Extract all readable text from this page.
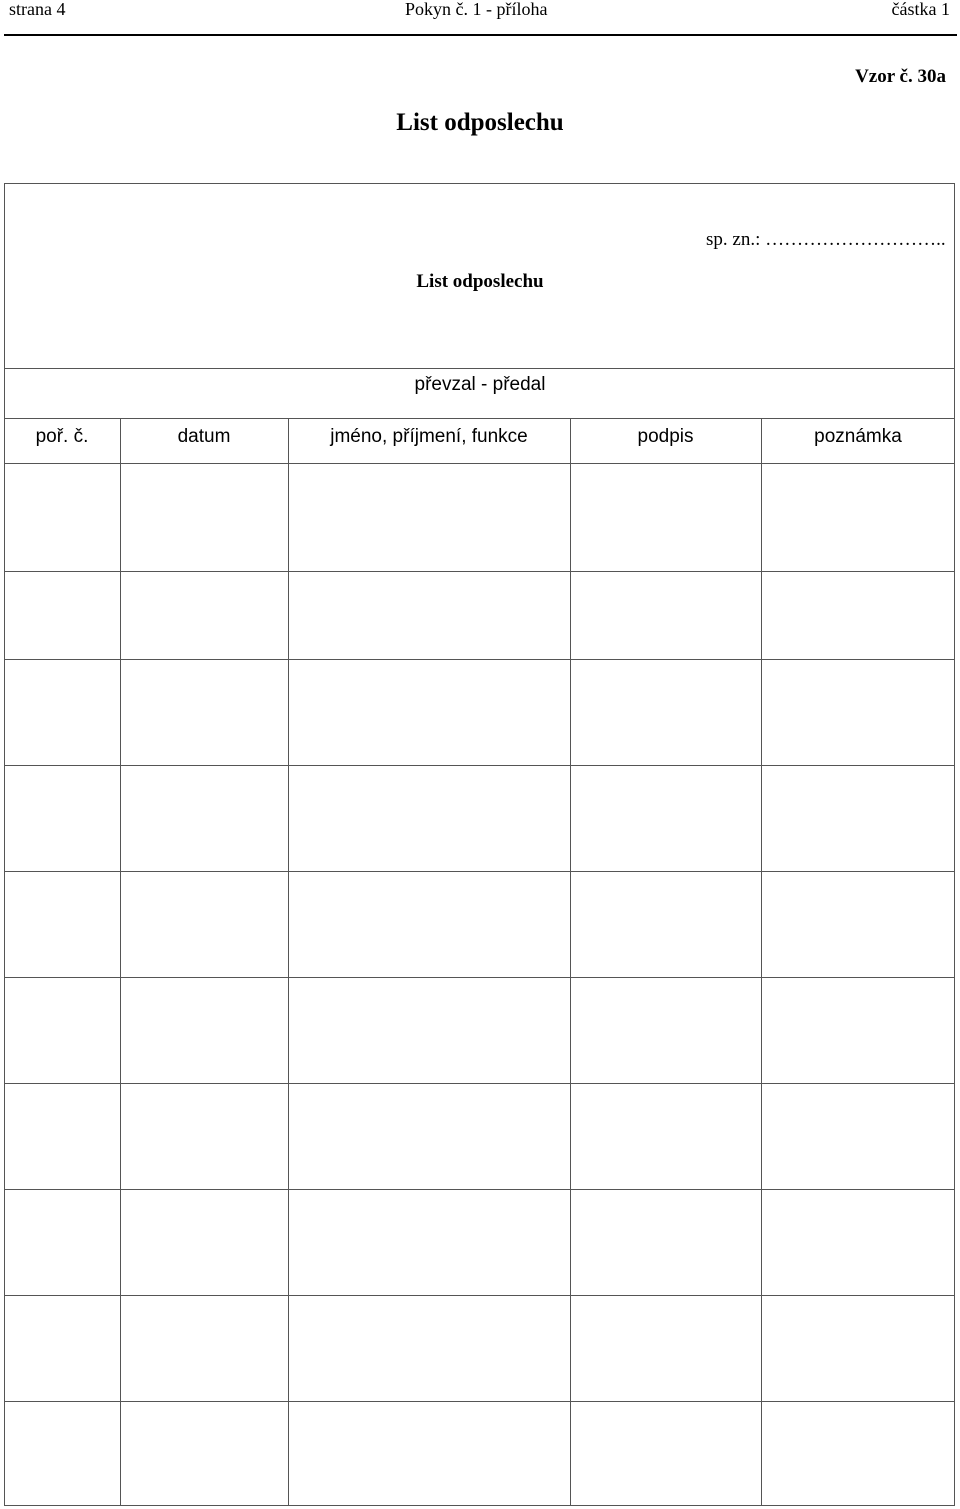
strana 4	Pokyn č. 1 - příloha	částka 1
Vzor č. 30a
List odposlechu
sp. zn.: ………………………..
List odposlechu
převzal - předal
poř. č.	datum	jméno, příjmení, funkce	podpis	poznámka
